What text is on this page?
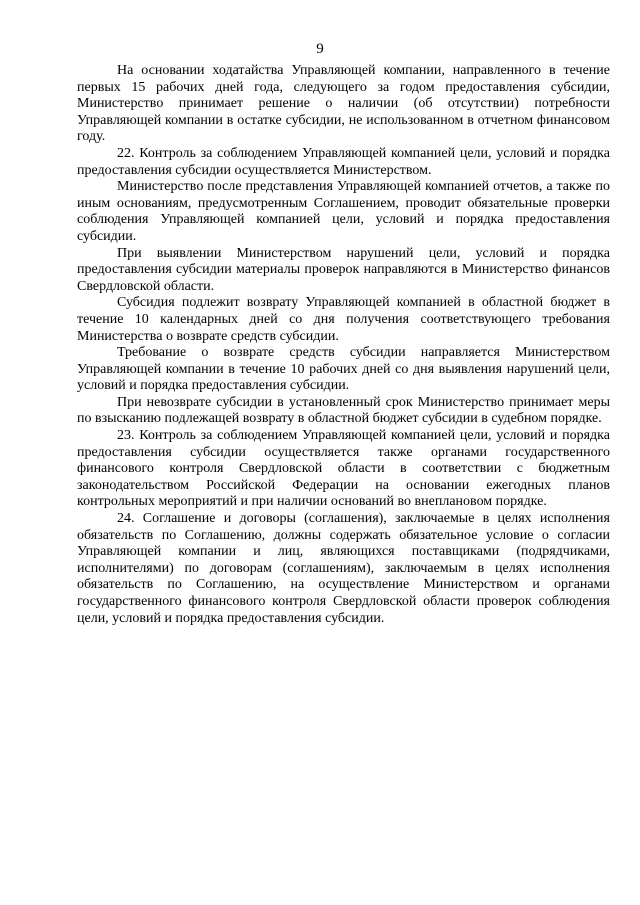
9

На основании ходатайства Управляющей компании, направленного в течение первых 15 рабочих дней года, следующего за годом предоставления субсидии, Министерство принимает решение о наличии (об отсутствии) потребности Управляющей компании в остатке субсидии, не использованном в отчетном финансовом году.

22. Контроль за соблюдением Управляющей компанией цели, условий и порядка предоставления субсидии осуществляется Министерством.

Министерство после представления Управляющей компанией отчетов, а также по иным основаниям, предусмотренным Соглашением, проводит обязательные проверки соблюдения Управляющей компанией цели, условий и порядка предоставления субсидии.

При выявлении Министерством нарушений цели, условий и порядка предоставления субсидии материалы проверок направляются в Министерство финансов Свердловской области.

Субсидия подлежит возврату Управляющей компанией в областной бюджет в течение 10 календарных дней со дня получения соответствующего требования Министерства о возврате средств субсидии.

Требование о возврате средств субсидии направляется Министерством Управляющей компании в течение 10 рабочих дней со дня выявления нарушений цели, условий и порядка предоставления субсидии.

При невозврате субсидии в установленный срок Министерство принимает меры по взысканию подлежащей возврату в областной бюджет субсидии в судебном порядке.

23. Контроль за соблюдением Управляющей компанией цели, условий и порядка предоставления субсидии осуществляется также органами государственного финансового контроля Свердловской области в соответствии с бюджетным законодательством Российской Федерации на основании ежегодных планов контрольных мероприятий и при наличии оснований во внеплановом порядке.

24. Соглашение и договоры (соглашения), заключаемые в целях исполнения обязательств по Соглашению, должны содержать обязательное условие о согласии Управляющей компании и лиц, являющихся поставщиками (подрядчиками, исполнителями) по договорам (соглашениям), заключаемым в целях исполнения обязательств по Соглашению, на осуществление Министерством и органами государственного финансового контроля Свердловской области проверок соблюдения цели, условий и порядка предоставления субсидии.
